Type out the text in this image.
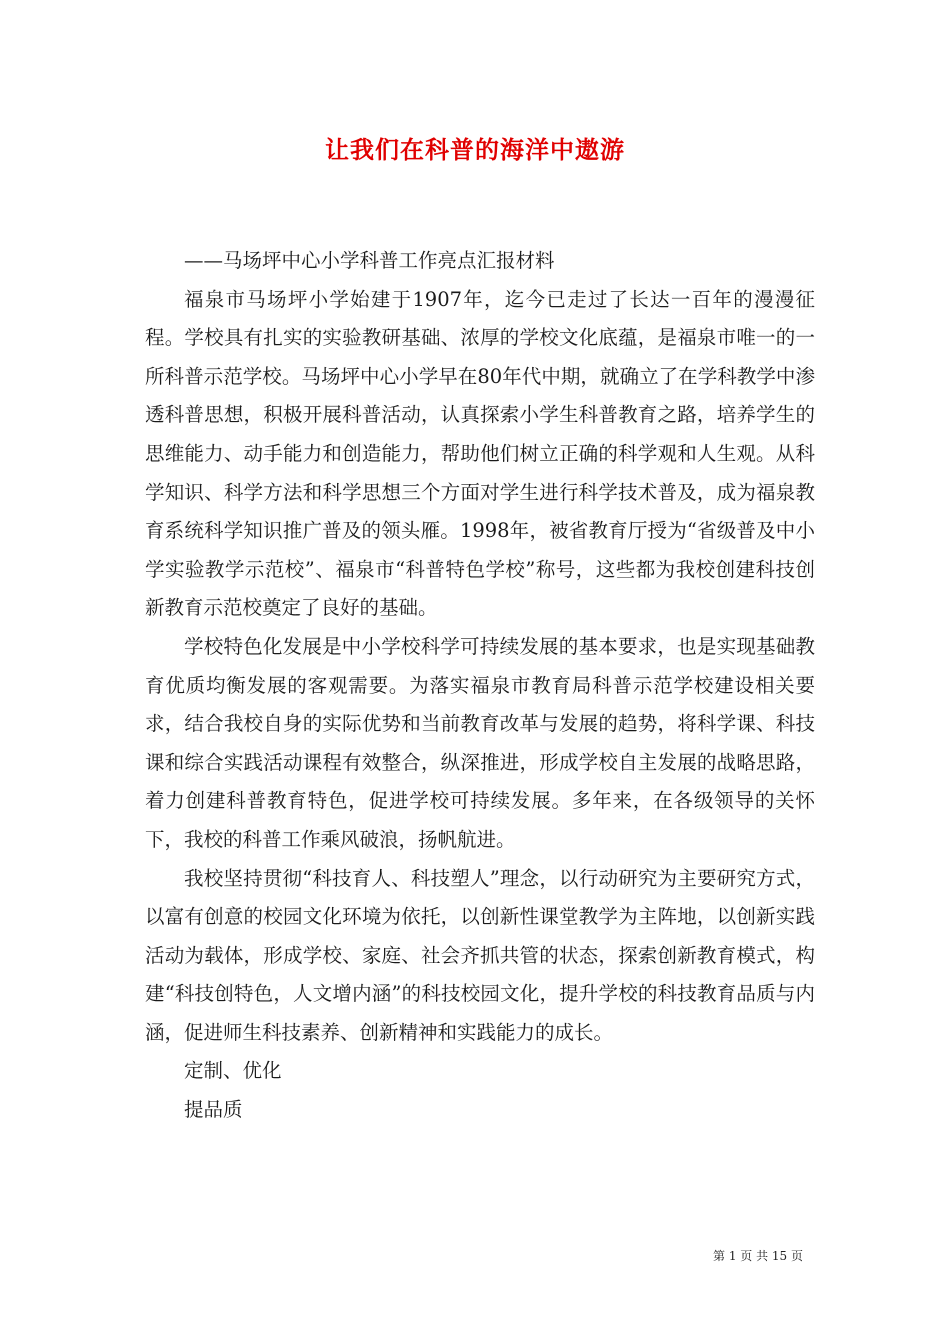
让我们在科普的海洋中遨游

——马场坪中心小学科普工作亮点汇报材料

福泉市马场坪小学始建于1907年，迄今已走过了长达一百年的漫漫征程。学校具有扎实的实验教研基础、浓厚的学校文化底蕴，是福泉市唯一的一所科普示范学校。马场坪中心小学早在80年代中期，就确立了在学科教学中渗透科普思想，积极开展科普活动，认真探索小学生科普教育之路，培养学生的思维能力、动手能力和创造能力，帮助他们树立正确的科学观和人生观。从科学知识、科学方法和科学思想三个方面对学生进行科学技术普及，成为福泉教育系统科学知识推广普及的领头雁。1998年，被省教育厅授为“省级普及中小学实验教学示范校”、福泉市“科普特色学校”称号，这些都为我校创建科技创新教育示范校奠定了良好的基础。

学校特色化发展是中小学校科学可持续发展的基本要求，也是实现基础教育优质均衡发展的客观需要。为落实福泉市教育局科普示范学校建设相关要求，结合我校自身的实际优势和当前教育改革与发展的趋势，将科学课、科技课和综合实践活动课程有效整合，纵深推进，形成学校自主发展的战略思路，着力创建科普教育特色，促进学校可持续发展。多年来，在各级领导的关怀下，我校的科普工作乘风破浪，扬帆航进。

我校坚持贯彻“科技育人、科技塑人”理念，以行动研究为主要研究方式，以富有创意的校园文化环境为依托，以创新性课堂教学为主阵地，以创新实践活动为载体，形成学校、家庭、社会齐抓共管的状态，探索创新教育模式，构建“科技创特色，人文增内涵”的科技校园文化，提升学校的科技教育品质与内涵，促进师生科技素养、创新精神和实践能力的成长。

定制、优化

提品质

第 1 页 共 15 页
